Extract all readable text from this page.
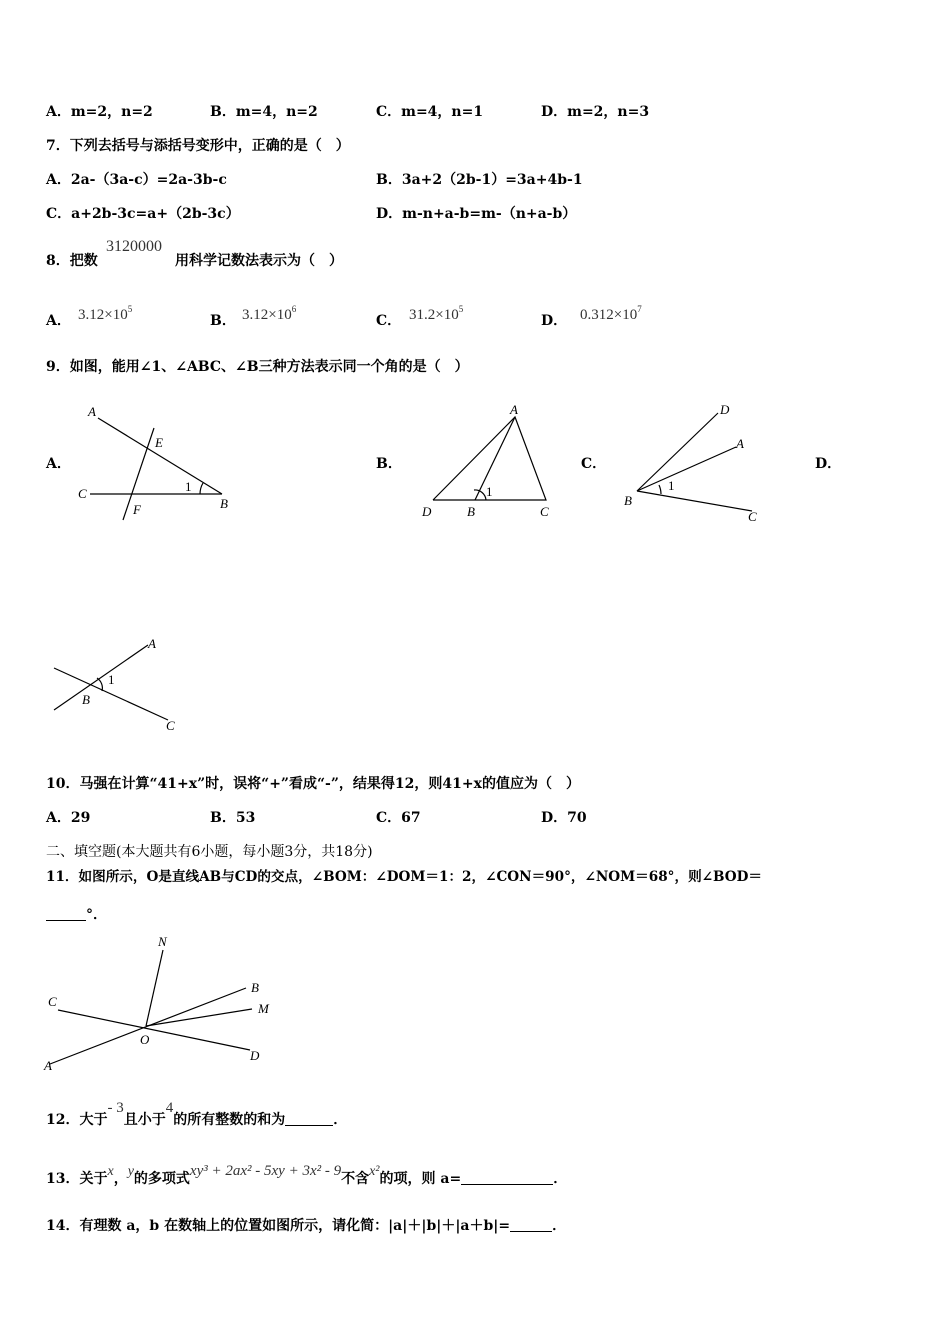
A．m=2，n=2	B．m=4，n=2	C．m=4，n=1	D．m=2，n=3
7．下列去括号与添括号变形中，正确的是（　）
A．2a-（3a-c）=2a-3b-c	B．3a+2（2b-1）=3a+4b-1
C．a+2b-3c=a+（2b-3c）	D．m-n+a-b=m-（n+a-b）
8．把数
3120000
用科学记数法表示为（　）
A． $3.12\times 10^5$
B． $3.12\times 10^6$
C． $31.2\times 10^5$
D． $0.312\times 10^7$
9．如图，能用∠1、∠ABC、∠B三种方法表示同一个角的是（　）
A．	B．	C．	D．
A
E
C
F
1
B
A
D	B	C
1
D
A
B
C
1
A
B
C
1
10．马强在计算“41+x”时，误将“+”看成“-”，结果得12，则41+x的值应为（　）
A．29	B．53	C．67	D．70
二、填空题(本大题共有6小题，每小题3分，共18分)
11．如图所示，O是直线AB与CD的交点，∠BOM：∠DOM＝1：2，∠CON＝90°，∠NOM＝68°，则∠BOD＝
°．
N
C
B
M
O
A
D
12．大于- 3且小于4的所有整数的和为	．
13．关于x，y的多项式xy³ + 2ax² - 5xy + 3x² - 9不含x²的项，则 a=	．
14．有理数 a，b 在数轴上的位置如图所示，请化简：|a|＋|b|＋|a＋b|=	．
